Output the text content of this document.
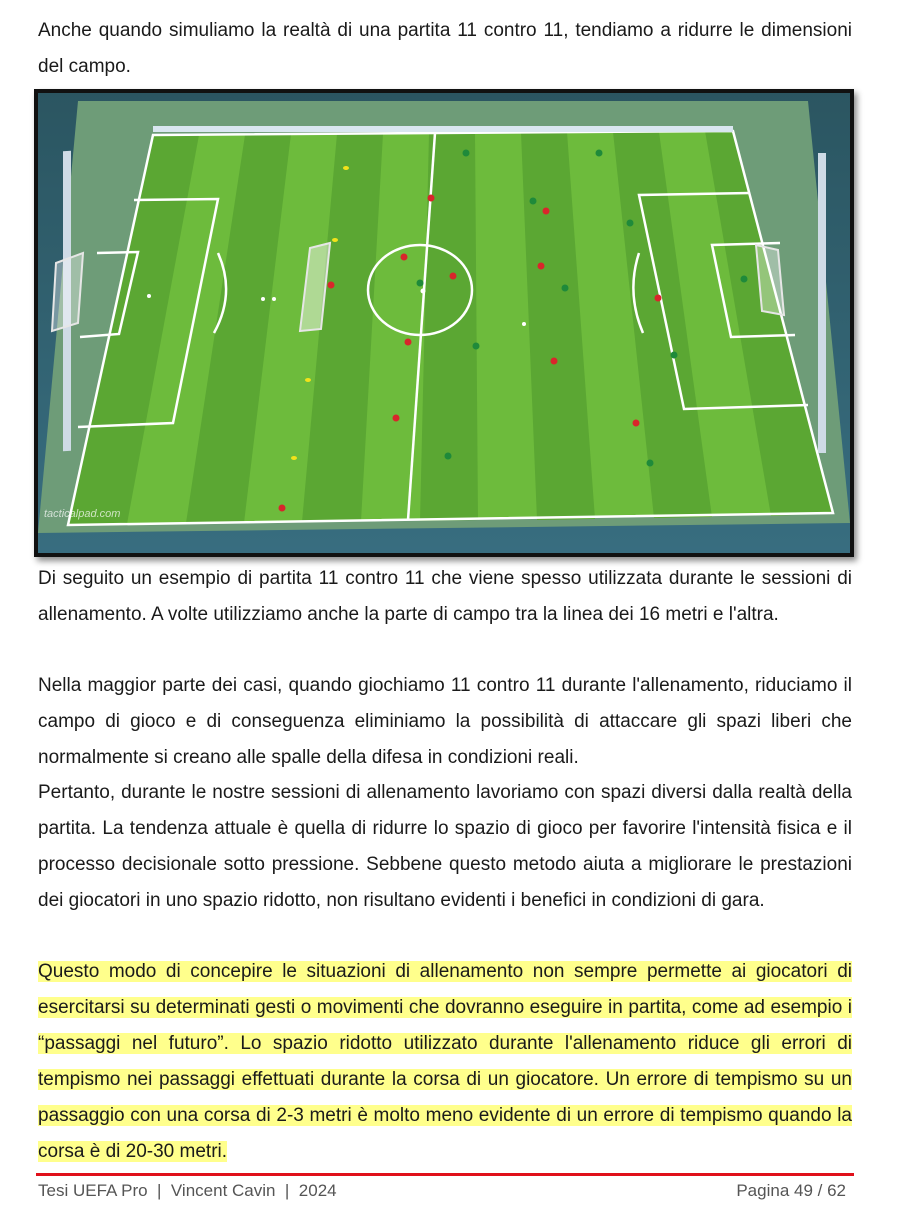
Anche quando simuliamo la realtà di una partita 11 contro 11, tendiamo a ridurre le dimensioni del campo.

tacticalpad.com

Di seguito un esempio di partita 11 contro 11 che viene spesso utilizzata durante le sessioni di allenamento. A volte utilizziamo anche la parte di campo tra la linea dei 16 metri e l'altra.

Nella maggior parte dei casi, quando giochiamo 11 contro 11 durante l'allenamento, riduciamo il campo di gioco e di conseguenza eliminiamo la possibilità di attaccare gli spazi liberi che normalmente si creano alle spalle della difesa in condizioni reali.

Pertanto, durante le nostre sessioni di allenamento lavoriamo con spazi diversi dalla realtà della partita. La tendenza attuale è quella di ridurre lo spazio di gioco per favorire l'intensità fisica e il processo decisionale sotto pressione. Sebbene questo metodo aiuta a migliorare le prestazioni dei giocatori in uno spazio ridotto, non risultano evidenti i benefici in condizioni di gara.

Questo modo di concepire le situazioni di allenamento non sempre permette ai giocatori di esercitarsi su determinati gesti o movimenti che dovranno eseguire in partita, come ad esempio i “passaggi nel futuro”. Lo spazio ridotto utilizzato durante l'allenamento riduce gli errori di tempismo nei passaggi effettuati durante la corsa di un giocatore. Un errore di tempismo su un passaggio con una corsa di 2-3 metri è molto meno evidente di un errore di tempismo quando la corsa è di 20-30 metri.

Tesi UEFA Pro  |  Vincent Cavin  |  2024	Pagina 49 / 62
